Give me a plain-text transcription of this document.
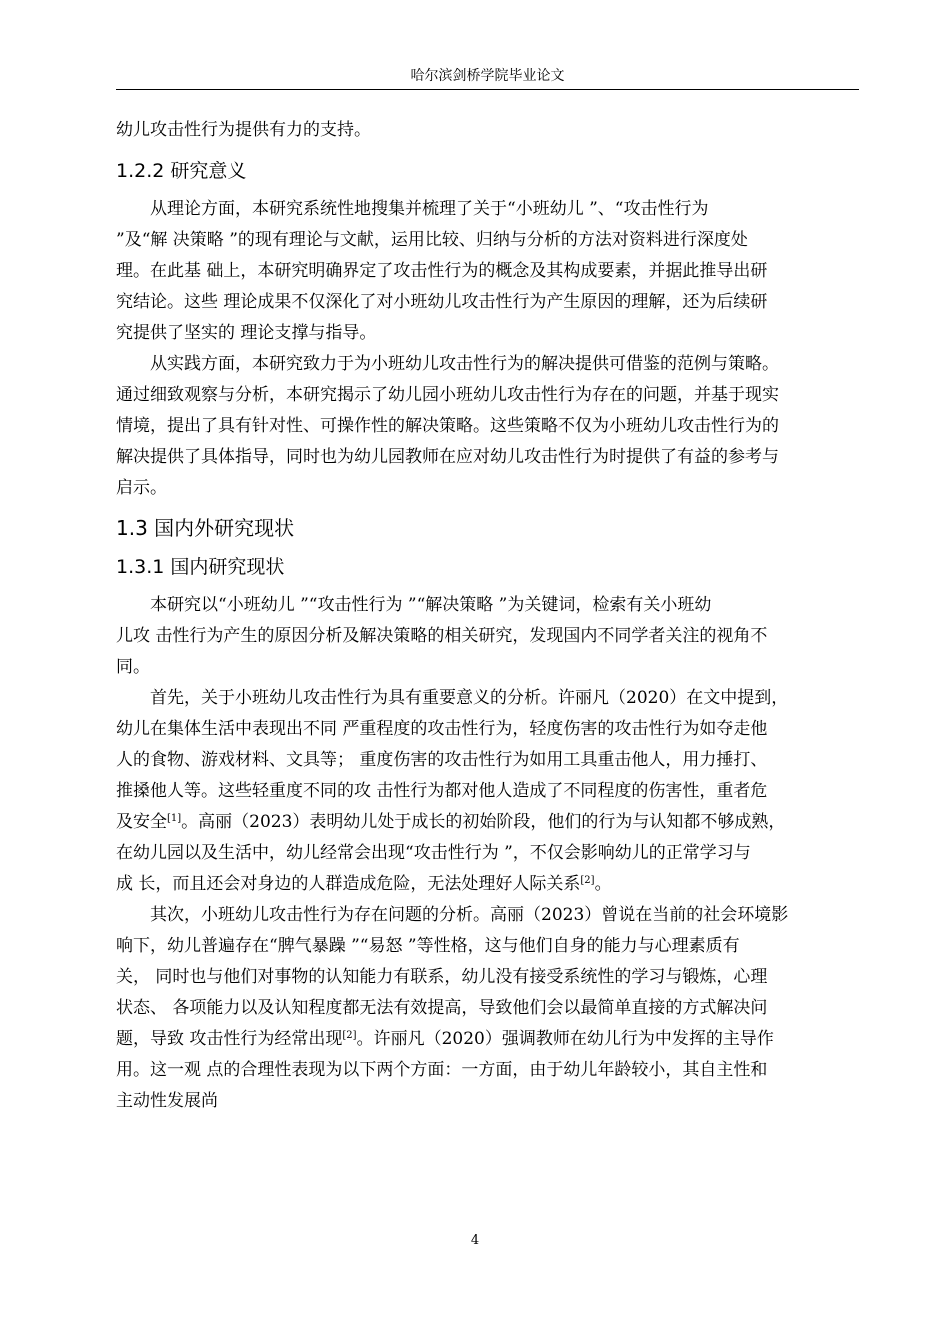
哈尔滨剑桥学院毕业论文

幼儿攻击性行为提供有力的支持。

1.2.2 研究意义

从理论方面，本研究系统性地搜集并梳理了关于“小班幼儿 ”、“攻击性行为
”及“解 决策略 ”的现有理论与文献，运用比较、归纳与分析的方法对资料进行深度处
理。在此基 础上，本研究明确界定了攻击性行为的概念及其构成要素，并据此推导出研
究结论。这些 理论成果不仅深化了对小班幼儿攻击性行为产生原因的理解，还为后续研
究提供了坚实的 理论支撑与指导。

从实践方面，本研究致力于为小班幼儿攻击性行为的解决提供可借鉴的范例与策略。
通过细致观察与分析，本研究揭示了幼儿园小班幼儿攻击性行为存在的问题，并基于现实
情境，提出了具有针对性、可操作性的解决策略。这些策略不仅为小班幼儿攻击性行为的
解决提供了具体指导，同时也为幼儿园教师在应对幼儿攻击性行为时提供了有益的参考与
启示。

1.3 国内外研究现状
1.3.1 国内研究现状

本研究以“小班幼儿 ”“攻击性行为 ”“解决策略 ”为关键词，检索有关小班幼
儿攻 击性行为产生的原因分析及解决策略的相关研究，发现国内不同学者关注的视角不
同。

首先，关于小班幼儿攻击性行为具有重要意义的分析。许丽凡（2020）在文中提到，
幼儿在集体生活中表现出不同 严重程度的攻击性行为，轻度伤害的攻击性行为如夺走他
人的食物、游戏材料、文具等； 重度伤害的攻击性行为如用工具重击他人，用力捶打、
推搡他人等。这些轻重度不同的攻 击性行为都对他人造成了不同程度的伤害性，重者危
及安全[1]。高丽（2023）表明幼儿处于成长的初始阶段，他们的行为与认知都不够成熟，
在幼儿园以及生活中，幼儿经常会出现“攻击性行为 ”，不仅会影响幼儿的正常学习与
成 长，而且还会对身边的人群造成危险，无法处理好人际关系[2]。

其次，小班幼儿攻击性行为存在问题的分析。高丽（2023）曾说在当前的社会环境影
响下，幼儿普遍存在“脾气暴躁 ”“易怒 ”等性格，这与他们自身的能力与心理素质有
关， 同时也与他们对事物的认知能力有联系，幼儿没有接受系统性的学习与锻炼，心理
状态、 各项能力以及认知程度都无法有效提高，导致他们会以最简单直接的方式解决问
题，导致 攻击性行为经常出现[2]。许丽凡（2020）强调教师在幼儿行为中发挥的主导作
用。这一观 点的合理性表现为以下两个方面：一方面，由于幼儿年龄较小，其自主性和
主动性发展尚

4
